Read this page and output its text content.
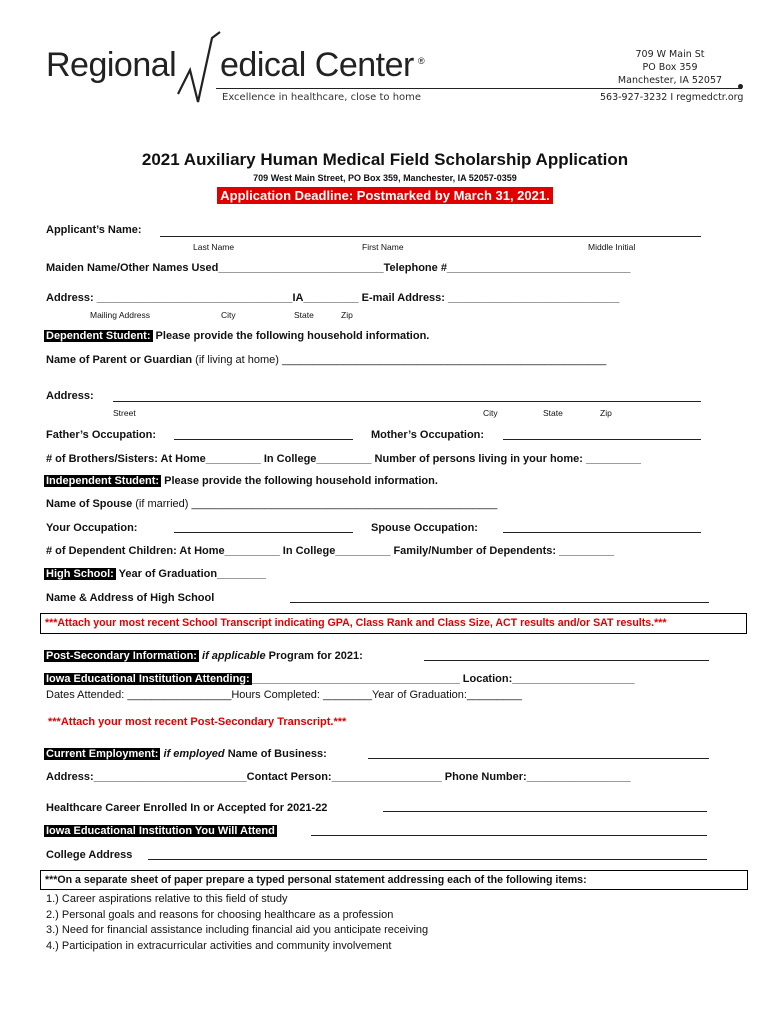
Regional edical Center ®
Excellence in healthcare, close to home
709 W Main St
PO Box 359
Manchester, IA 52057
563-927-3232 I regmedctr.org
2021 Auxiliary Human Medical Field Scholarship Application
709 West Main Street, PO Box 359, Manchester, IA 52057-0359
Application Deadline: Postmarked by March 31, 2021.
Applicant’s Name:
Last Name	First Name	Middle Initial
Maiden Name/Other Names Used___________________________Telephone #______________________________
Address: ________________________________IA_________ E-mail Address: ____________________________
Mailing Address	City	State	Zip
Dependent Student: Please provide the following household information.
Name of Parent or Guardian (if living at home) _____________________________________________________
Address:
Street	City	State	Zip
Father’s Occupation:	Mother’s Occupation:
# of Brothers/Sisters: At Home_________ In College_________ Number of persons living in your home: _________
Independent Student: Please provide the following household information.
Name of Spouse (if married) __________________________________________________
Your Occupation:	Spouse Occupation:
# of Dependent Children: At Home_________ In College_________ Family/Number of Dependents: _________
High School: Year of Graduation________
Name & Address of High School
***Attach your most recent School Transcript indicating GPA, Class Rank and Class Size, ACT results and/or SAT results.***
Post-Secondary Information: if applicable Program for 2021:
Iowa Educational Institution Attending: __________________________________ Location:____________________
Dates Attended: _________________Hours Completed: ________Year of Graduation:_________
***Attach your most recent Post-Secondary Transcript.***
Current Employment: if employed Name of Business:
Address:_________________________Contact Person:__________________ Phone Number:_________________
Healthcare Career Enrolled In or Accepted for 2021-22
Iowa Educational Institution You Will Attend
College Address
***On a separate sheet of paper prepare a typed personal statement addressing each of the following items:
1.) Career aspirations relative to this field of study
2.) Personal goals and reasons for choosing healthcare as a profession
3.) Need for financial assistance including financial aid you anticipate receiving
4.) Participation in extracurricular activities and community involvement
